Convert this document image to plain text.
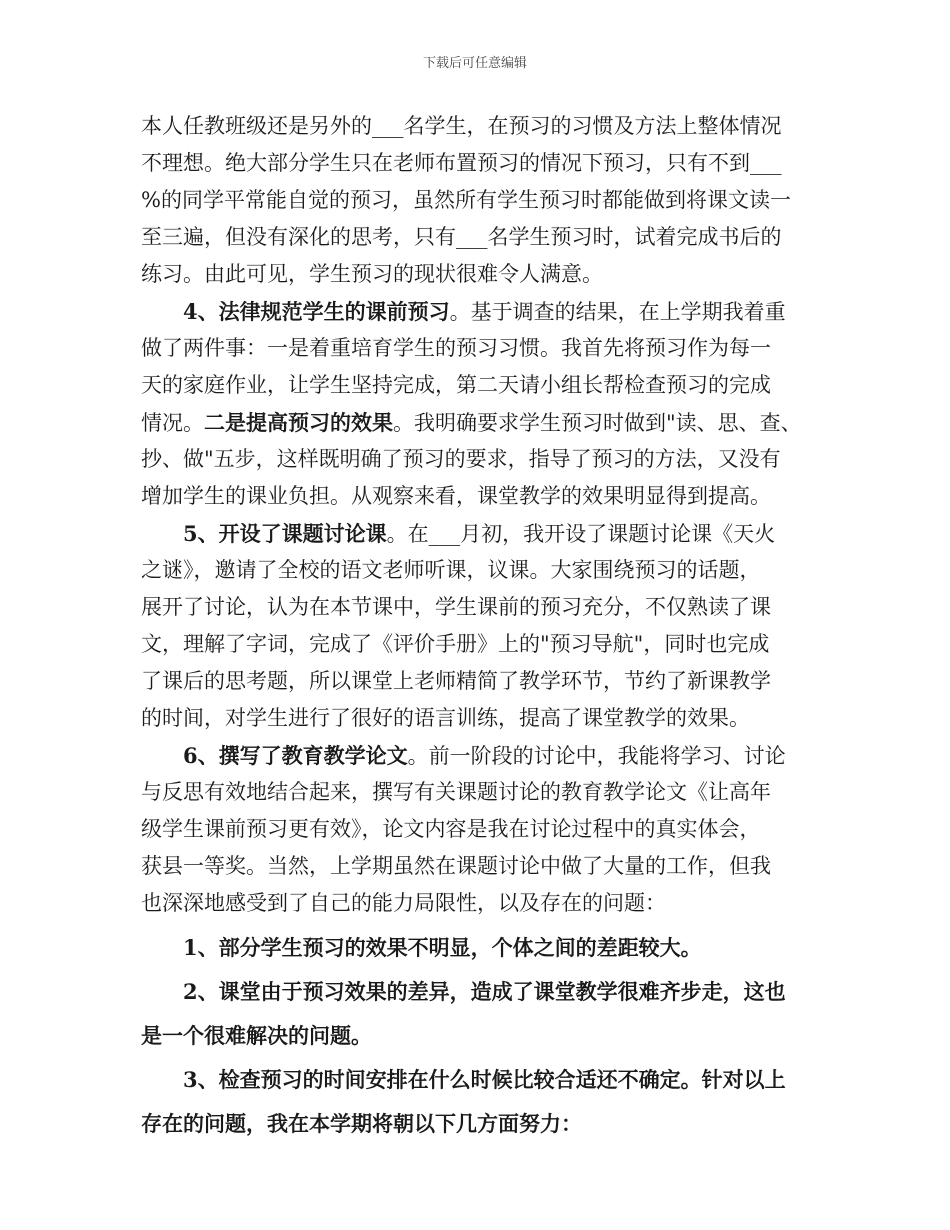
下载后可任意编辑
本人任教班级还是另外的___名学生，在预习的习惯及方法上整体情况
不理想。绝大部分学生只在老师布置预习的情况下预习，只有不到___
%的同学平常能自觉的预习，虽然所有学生预习时都能做到将课文读一
至三遍，但没有深化的思考，只有___名学生预习时，试着完成书后的
练习。由此可见，学生预习的现状很难令人满意。
4、法律规范学生的课前预习。基于调查的结果，在上学期我着重
做了两件事：一是着重培育学生的预习习惯。我首先将预习作为每一
天的家庭作业，让学生坚持完成，第二天请小组长帮检查预习的完成
情况。二是提高预习的效果。我明确要求学生预习时做到"读、思、查、
抄、做"五步，这样既明确了预习的要求，指导了预习的方法，又没有
增加学生的课业负担。从观察来看，课堂教学的效果明显得到提高。
5、开设了课题讨论课。在___月初，我开设了课题讨论课《天火
之谜》，邀请了全校的语文老师听课，议课。大家围绕预习的话题，
展开了讨论，认为在本节课中，学生课前的预习充分，不仅熟读了课
文，理解了字词，完成了《评价手册》上的"预习导航"，同时也完成
了课后的思考题，所以课堂上老师精简了教学环节，节约了新课教学
的时间，对学生进行了很好的语言训练，提高了课堂教学的效果。
6、撰写了教育教学论文。前一阶段的讨论中，我能将学习、讨论
与反思有效地结合起来，撰写有关课题讨论的教育教学论文《让高年
级学生课前预习更有效》，论文内容是我在讨论过程中的真实体会，
获县一等奖。当然，上学期虽然在课题讨论中做了大量的工作，但我
也深深地感受到了自己的能力局限性，以及存在的问题：
1、部分学生预习的效果不明显，个体之间的差距较大。
2、课堂由于预习效果的差异，造成了课堂教学很难齐步走，这也
是一个很难解决的问题。
3、检查预习的时间安排在什么时候比较合适还不确定。针对以上
存在的问题，我在本学期将朝以下几方面努力：
